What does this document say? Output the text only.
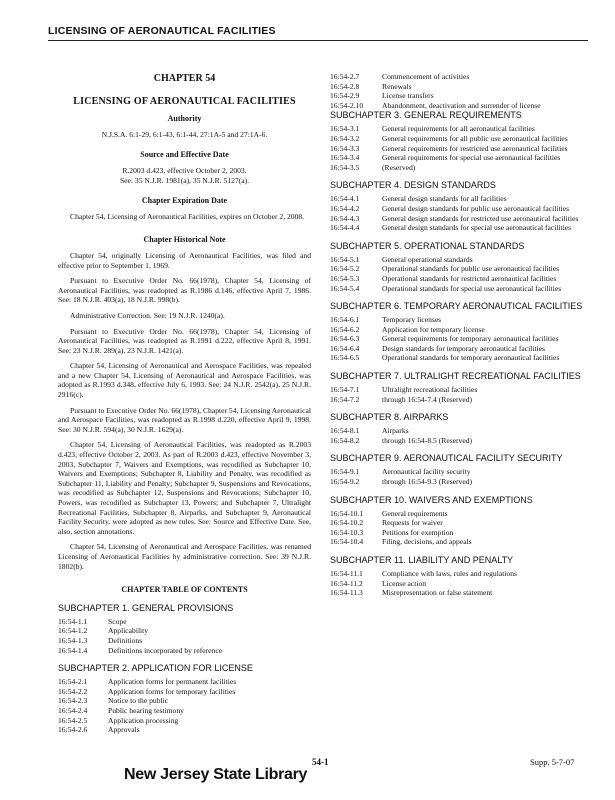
LICENSING OF AERONAUTICAL FACILITIES
CHAPTER 54
LICENSING OF AERONAUTICAL FACILITIES
Authority
N.J.S.A. 6:1-29, 6:1-43, 6:1-44, 27:1A-5 and 27:1A-6.
Source and Effective Date
R.2003 d.423, effective October 2, 2003.
See: 35 N.J.R. 1981(a), 35 N.J.R. 5127(a).
Chapter Expiration Date
Chapter 54, Licensing of Aeronautical Facilities, expires on October 2, 2008.
Chapter Historical Note

Chapter 54, originally Licensing of Aeronautical Facilities, was filed and effective prior to September 1, 1969.

Pursuant to Executive Order No. 66(1978), Chapter 54, Licensing of Aeronautical Facilities, was readopted as R.1986 d.146, effective April 7, 1986. See: 18 N.J.R. 403(a), 18 N.J.R. 998(b).

Administrative Correction. See: 19 N.J.R. 1240(a).

Pursuant to Executive Order No. 66(1978), Chapter 54, Licensing of Aeronautical Facilities, was readopted as R.1991 d.222, effective April 8, 1991. See: 23 N.J.R. 289(a), 23 N.J.R. 1421(a).

Chapter 54, Licensing of Aeronautical and Aerospace Facilities, was repealed and a new Chapter 54, Licensing of Aeronautical and Aerospace Facilities, was adopted as R.1993 d.348, effective July 6, 1993. See: 24 N.J.R. 2542(a), 25 N.J.R. 2916(c).

Pursuant to Executive Order No. 66(1978), Chapter 54, Licensing Aeronautical and Aerospace Facilities, was readopted as R.1998 d.220, effective April 9, 1998. See: 30 N.J.R. 594(a), 30 N.J.R. 1629(a).

Chapter 54, Licensing of Aeronautical Facilities, was readopted as R.2003 d.423, effective October 2, 2003. As part of R.2003 d.423, effective November 3, 2003, Subchapter 7, Waivers and Exemptions, was recodified as Subchapter 10, Waivers and Exemptions; Subchapter 8, Liability and Penalty, was recodified as Subchapter 11, Liability and Penalty; Subchapter 9, Suspensions and Revocations, was recodified as Subchapter 12, Suspensions and Revocations; Subchapter 10, Powers, was recodified as Subchapter 13, Powers; and Subchapter 7, Ultralight Recreational Facilities, Subchapter 8, Airparks, and Subchapter 9, Aeronautical Facility Security, were adopted as new rules. See: Source and Effective Date. See, also, section annotations.

Chapter 54, Licensing of Aeronautical and Aerospace Facilities, was renamed Licensing of Aeronautical Facilities by administrative correction. See: 39 N.J.R. 1802(b).

CHAPTER TABLE OF CONTENTS
SUBCHAPTER 1. GENERAL PROVISIONS
16:54-1.1	Scope
16:54-1.2	Applicability
16:54-1.3	Definitions
16:54-1.4	Definitions incorporated by reference
SUBCHAPTER 2. APPLICATION FOR LICENSE
16:54-2.1	Application forms for permanent facilities
16:54-2.2	Application forms for temporary facilities
16:54-2.3	Notice to the public
16:54-2.4	Public hearing testimony
16:54-2.5	Application processing
16:54-2.6	Approvals
16:54-2.7	Commencement of activities
16:54-2.8	Renewals
16:54-2.9	License transfers
16:54-2.10	Abandonment, deactivation and surrender of license
SUBCHAPTER 3. GENERAL REQUIREMENTS
16:54-3.1	General requirements for all aeronautical facilities
16:54-3.2	General requirements for all public use aeronautical facilities
16:54-3.3	General requirements for restricted use aeronautical facilities
16:54-3.4	General requirements for special use aeronautical facilities
16:54-3.5	(Reserved)
SUBCHAPTER 4. DESIGN STANDARDS
16:54-4.1	General design standards for all facilities
16:54-4.2	General design standards for public use aeronautical facilities
16:54-4.3	General design standards for restricted use aeronautical facilities
16:54-4.4	General design standards for special use aeronautical facilities
SUBCHAPTER 5. OPERATIONAL STANDARDS
16:54-5.1	General operational standards
16:54-5.2	Operational standards for public use aeronautical facilities
16:54-5.3	Operational standards for restricted aeronautical facilities
16:54-5.4	Operational standards for special use aeronautical facilities
SUBCHAPTER 6. TEMPORARY AERONAUTICAL FACILITIES
16:54-6.1	Temporary licenses
16:54-6.2	Application for temporary license
16:54-6.3	General requirements for temporary aeronautical facilities
16:54-6.4	Design standards for temporary aeronautical facilities
16:54-6.5	Operational standards for temporary aeronautical facilities
SUBCHAPTER 7. ULTRALIGHT RECREATIONAL FACILITIES
16:54-7.1	Ultralight recreational facilities
16:54-7.2	through 16:54-7.4 (Reserved)
SUBCHAPTER 8. AIRPARKS
16:54-8.1	Airparks
16:54-8.2	through 16:54-8.5 (Reserved)
SUBCHAPTER 9. AERONAUTICAL FACILITY SECURITY
16:54-9.1	Aeronautical facility security
16:54-9.2	through 16:54-9.3 (Reserved)
SUBCHAPTER 10. WAIVERS AND EXEMPTIONS
16:54-10.1	General requirements
16:54-10.2	Requests for waiver
16:54-10.3	Petitions for exemption
16:54-10.4	Filing, decisions, and appeals
SUBCHAPTER 11. LIABILITY AND PENALTY
16:54-11.1	Compliance with laws, rules and regulations
16:54-11.2	License action
16:54-11.3	Misrepresentation or false statement
New Jersey State Library
54-1	Supp. 5-7-07
